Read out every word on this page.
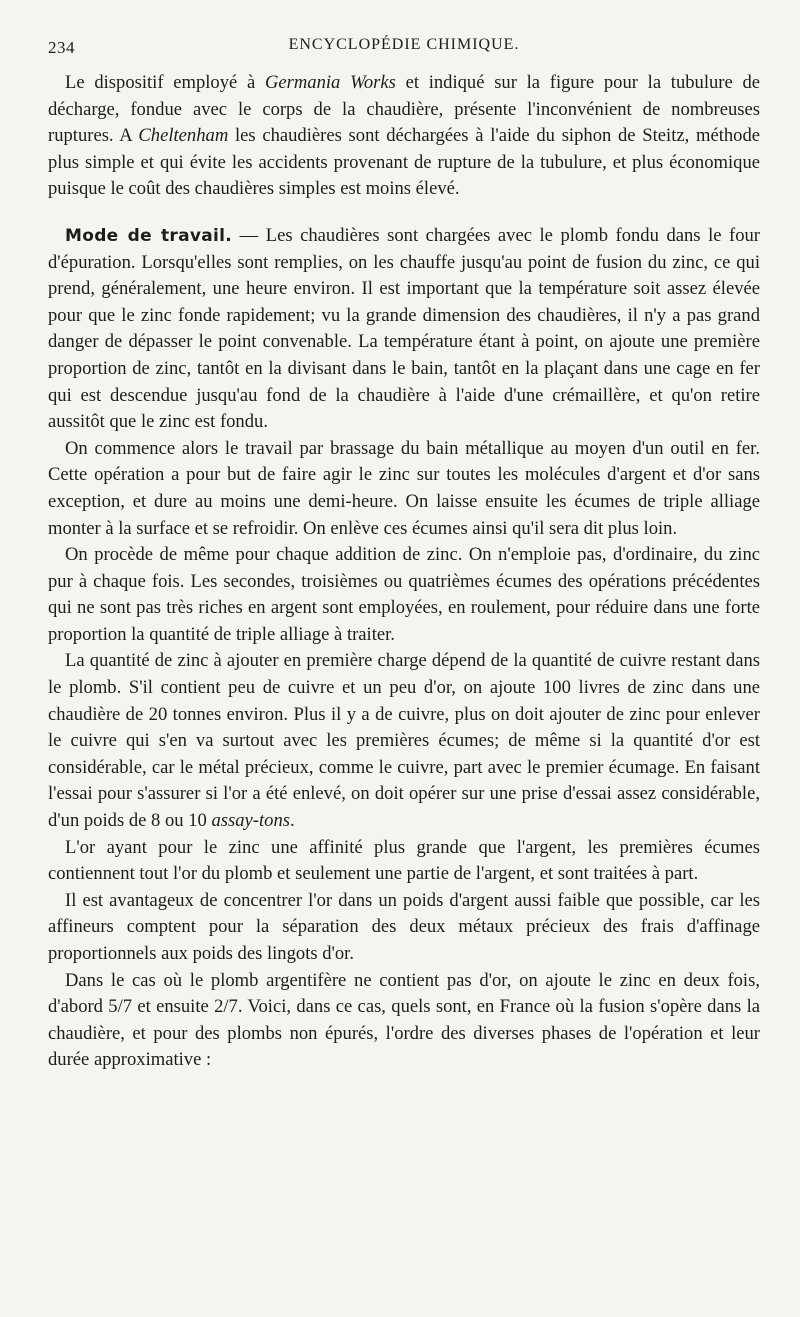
234	ENCYCLOPÉDIE CHIMIQUE.

Le dispositif employé à Germania Works et indiqué sur la figure pour la tubulure de décharge, fondue avec le corps de la chaudière, présente l'inconvénient de nombreuses ruptures. A Cheltenham les chaudières sont déchargées à l'aide du siphon de Steitz, méthode plus simple et qui évite les accidents provenant de rupture de la tubulure, et plus économique puisque le coût des chaudières simples est moins élevé.

Mode de travail. — Les chaudières sont chargées avec le plomb fondu dans le four d'épuration. Lorsqu'elles sont remplies, on les chauffe jusqu'au point de fusion du zinc, ce qui prend, généralement, une heure environ. Il est important que la température soit assez élevée pour que le zinc fonde rapidement; vu la grande dimension des chaudières, il n'y a pas grand danger de dépasser le point convenable. La température étant à point, on ajoute une première proportion de zinc, tantôt en la divisant dans le bain, tantôt en la plaçant dans une cage en fer qui est descendue jusqu'au fond de la chaudière à l'aide d'une crémaillère, et qu'on retire aussitôt que le zinc est fondu.

On commence alors le travail par brassage du bain métallique au moyen d'un outil en fer. Cette opération a pour but de faire agir le zinc sur toutes les molécules d'argent et d'or sans exception, et dure au moins une demi-heure. On laisse ensuite les écumes de triple alliage monter à la surface et se refroidir. On enlève ces écumes ainsi qu'il sera dit plus loin.

On procède de même pour chaque addition de zinc. On n'emploie pas, d'ordinaire, du zinc pur à chaque fois. Les secondes, troisièmes ou quatrièmes écumes des opérations précédentes qui ne sont pas très riches en argent sont employées, en roulement, pour réduire dans une forte proportion la quantité de triple alliage à traiter.

La quantité de zinc à ajouter en première charge dépend de la quantité de cuivre restant dans le plomb. S'il contient peu de cuivre et un peu d'or, on ajoute 100 livres de zinc dans une chaudière de 20 tonnes environ. Plus il y a de cuivre, plus on doit ajouter de zinc pour enlever le cuivre qui s'en va surtout avec les premières écumes; de même si la quantité d'or est considérable, car le métal précieux, comme le cuivre, part avec le premier écumage. En faisant l'essai pour s'assurer si l'or a été enlevé, on doit opérer sur une prise d'essai assez considérable, d'un poids de 8 ou 10 assay-tons.

L'or ayant pour le zinc une affinité plus grande que l'argent, les premières écumes contiennent tout l'or du plomb et seulement une partie de l'argent, et sont traitées à part.

Il est avantageux de concentrer l'or dans un poids d'argent aussi faible que possible, car les affineurs comptent pour la séparation des deux métaux précieux des frais d'affinage proportionnels aux poids des lingots d'or.

Dans le cas où le plomb argentifère ne contient pas d'or, on ajoute le zinc en deux fois, d'abord 5/7 et ensuite 2/7. Voici, dans ce cas, quels sont, en France où la fusion s'opère dans la chaudière, et pour des plombs non épurés, l'ordre des diverses phases de l'opération et leur durée approximative :
